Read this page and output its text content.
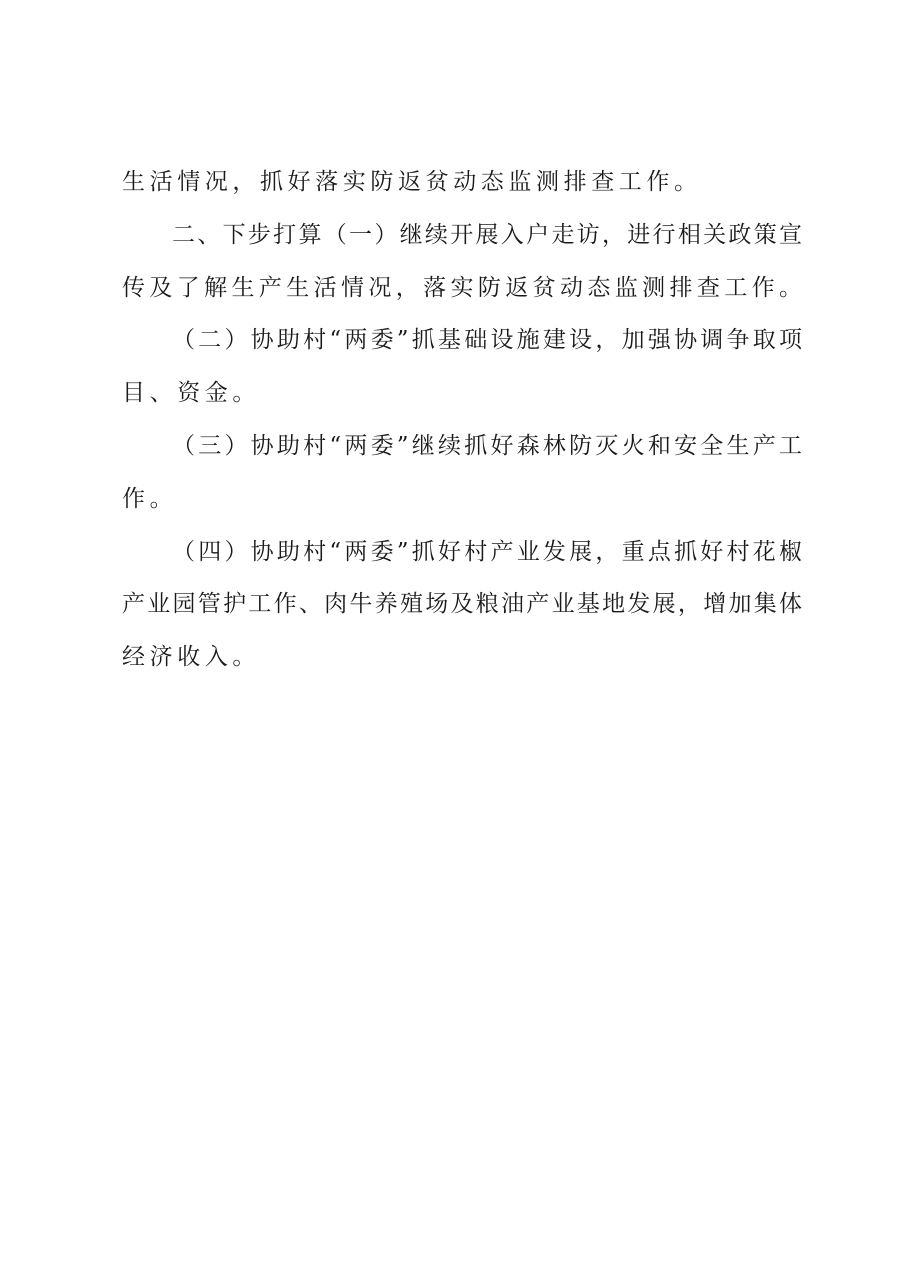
生活情况，抓好落实防返贫动态监测排查工作。
二、下步打算（一）继续开展入户走访，进行相关政策宣
传及了解生产生活情况，落实防返贫动态监测排查工作。
（二）协助村“两委”抓基础设施建设，加强协调争取项
目、资金。
（三）协助村“两委”继续抓好森林防灭火和安全生产工
作。
（四）协助村“两委”抓好村产业发展，重点抓好村花椒
产业园管护工作、肉牛养殖场及粮油产业基地发展，增加集体
经济收入。
